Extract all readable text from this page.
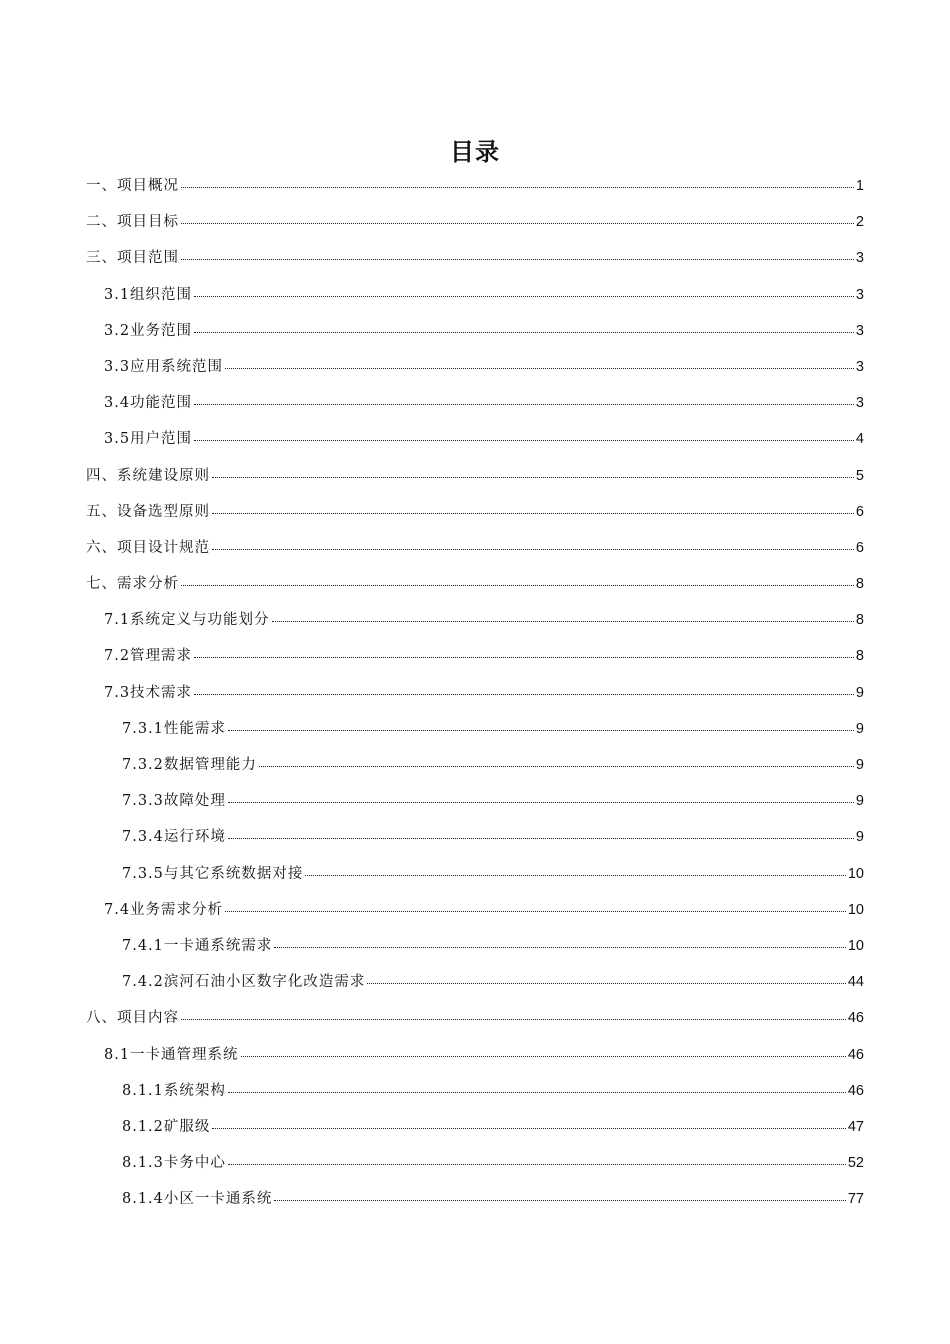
目录
一、项目概况	1
二、项目目标	2
三、项目范围	3
3.1组织范围	3
3.2业务范围	3
3.3应用系统范围	3
3.4功能范围	3
3.5用户范围	4
四、系统建设原则	5
五、设备选型原则	6
六、项目设计规范	6
七、需求分析	8
7.1系统定义与功能划分	8
7.2管理需求	8
7.3技术需求	9
7.3.1性能需求	9
7.3.2数据管理能力	9
7.3.3故障处理	9
7.3.4运行环境	9
7.3.5与其它系统数据对接	10
7.4业务需求分析	10
7.4.1一卡通系统需求	10
7.4.2滨河石油小区数字化改造需求	44
八、项目内容	46
8.1一卡通管理系统	46
8.1.1系统架构	46
8.1.2矿服级	47
8.1.3卡务中心	52
8.1.4小区一卡通系统	77
